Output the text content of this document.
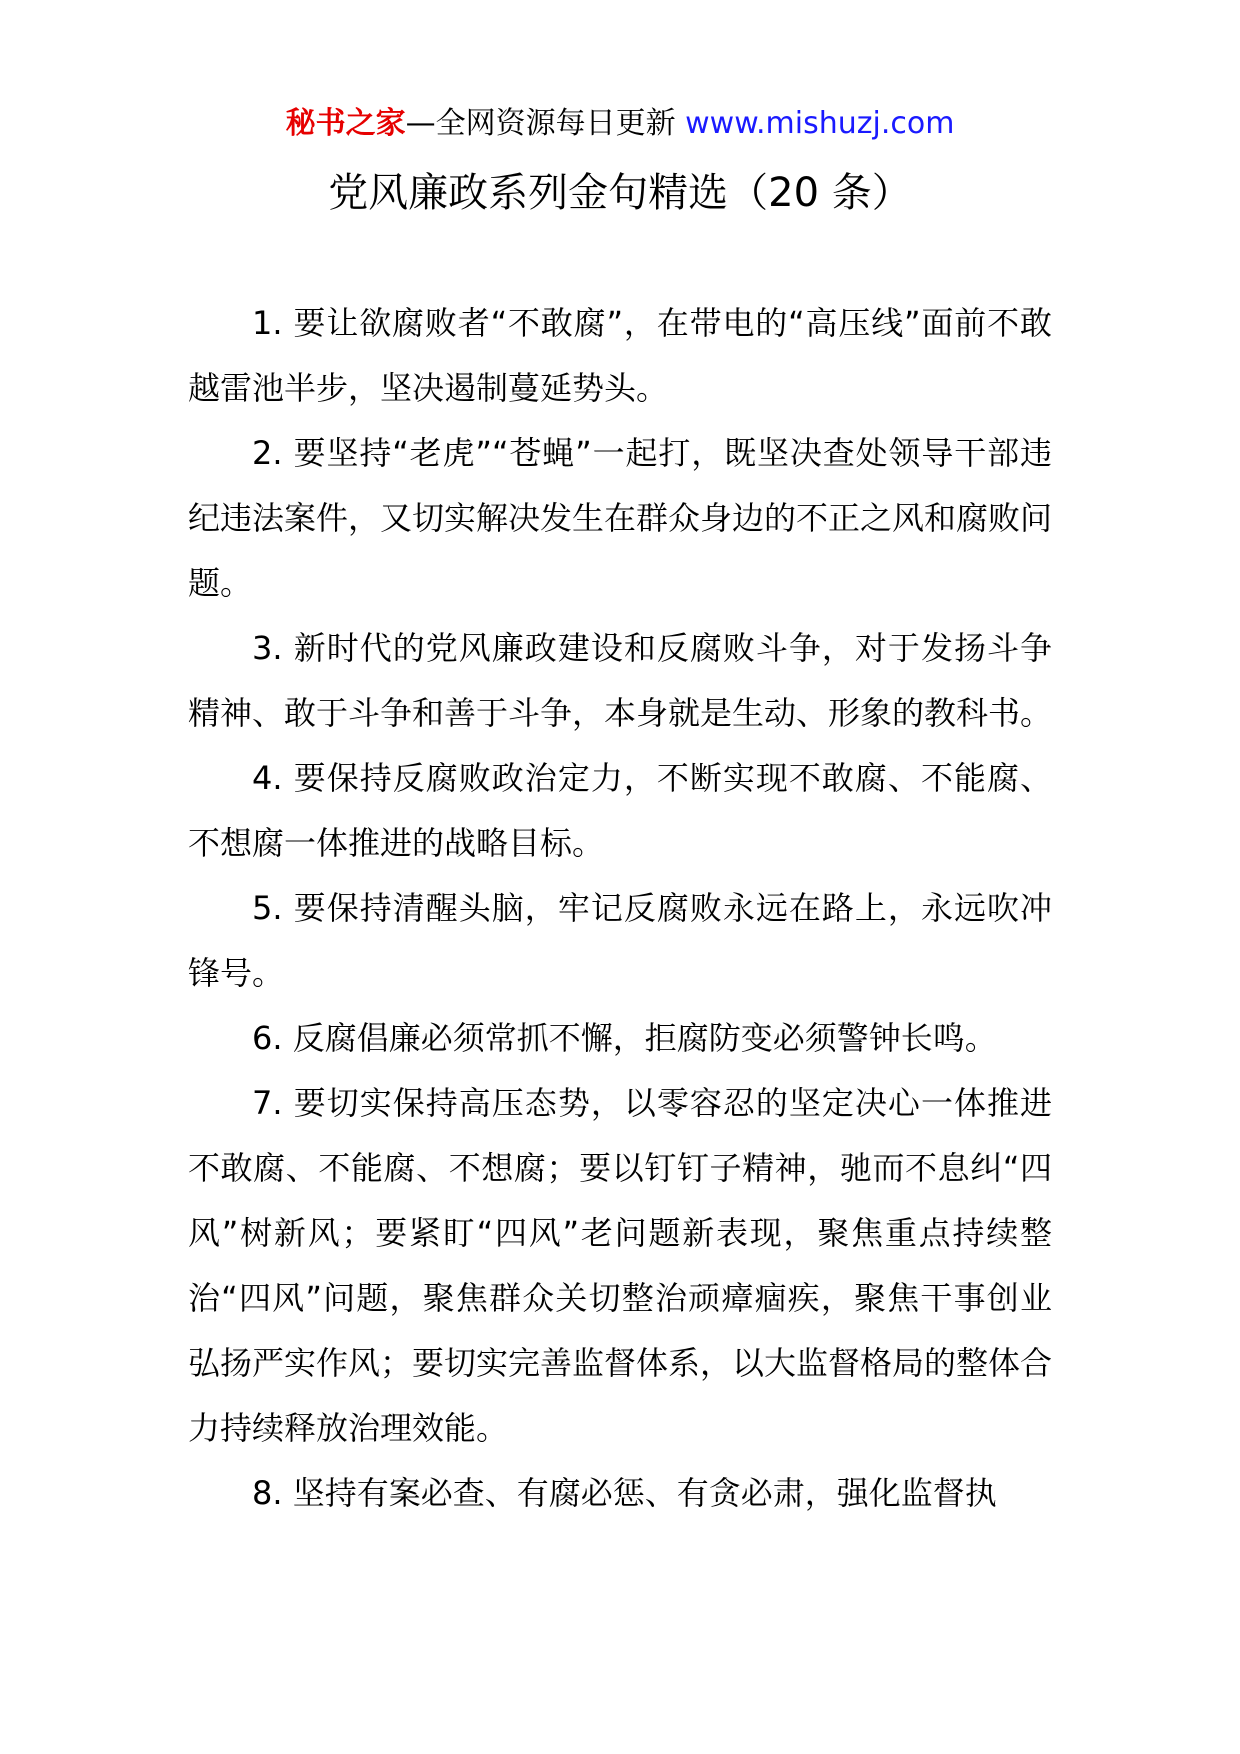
秘书之家—全网资源每日更新 www.mishuzj.com
党风廉政系列金句精选（20 条）

1. 要让欲腐败者“不敢腐”，在带电的“高压线”面前不敢越雷池半步，坚决遏制蔓延势头。

2. 要坚持“老虎”“苍蝇”一起打，既坚决查处领导干部违纪违法案件，又切实解决发生在群众身边的不正之风和腐败问题。

3. 新时代的党风廉政建设和反腐败斗争，对于发扬斗争精神、敢于斗争和善于斗争，本身就是生动、形象的教科书。

4. 要保持反腐败政治定力，不断实现不敢腐、不能腐、不想腐一体推进的战略目标。

5. 要保持清醒头脑，牢记反腐败永远在路上，永远吹冲锋号。

6. 反腐倡廉必须常抓不懈，拒腐防变必须警钟长鸣。

7. 要切实保持高压态势，以零容忍的坚定决心一体推进不敢腐、不能腐、不想腐；要以钉钉子精神，驰而不息纠“四风”树新风；要紧盯“四风”老问题新表现，聚焦重点持续整治“四风”问题，聚焦群众关切整治顽瘴痼疾，聚焦干事创业弘扬严实作风；要切实完善监督体系，以大监督格局的整体合力持续释放治理效能。

8. 坚持有案必查、有腐必惩、有贪必肃，强化监督执
